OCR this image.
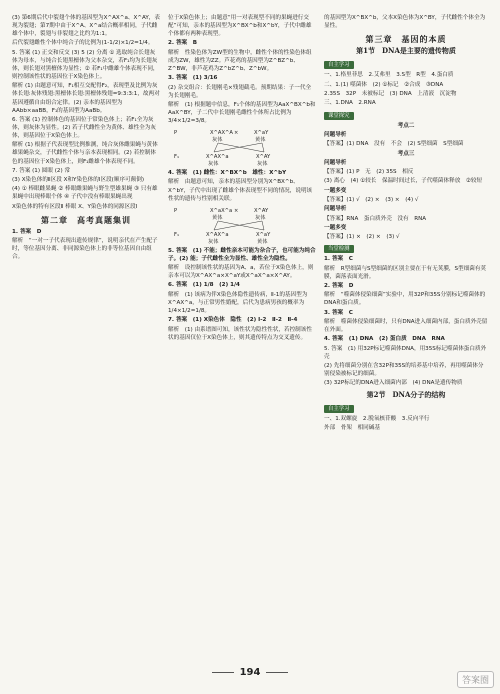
(3) 第6期后代中裂翅个体的基因型为X^AX^a、X^AY，表现为裂翅；第7期中由于X^A、X^a结合概率相同，子代雌雄个体中，裂翅与非裂翅之比约为1:1。

后代裂翅雌性个体中纯合子的比例为(1-1/2)×1/2=1/4。

5. 答案 (1) 正交和反交 (3) 5 (2) 分离 ① 选取纯合长翅灰体为母本，与纯合长翅黑檀体为父本杂交，若F₁均为长翅灰体，则长翅对黑檀体为显性；② 若F₁中雌雄个体表现不同，则控制该性状的基因位于X染色体上。

解析 (1) 由题意可知，F₁相互交配得F₂，表现型及比例为灰体长翅:灰体残翅:黑檀体长翅:黑檀体残翅=9:3:3:1，故两对基因遵循自由组合定律。(2) 亲本的基因型为AAbb×aaBB，F₁的基因型为AaBb。

6. 答案 (1) 控制体色的基因位于常染色体上；若F₁全为灰体，则灰体为显性。(2) 若子代雌性全为黄体、雄性全为灰体，则基因位于X染色体上。

解析 (1) 根据子代表现型比例推测，纯合灰体雌果蝇与黄体雄果蝇杂交，子代雌性个体与亲本表现相同。(2) 若控制体色的基因位于X染色体上，则F₁雌雄个体表现不同。

7. 答案 (1) 圆眼 (2) 常

(3) X染色体的Ⅱ区段 X和Y染色体的Ⅰ区段(顺序可颠倒)

(4) ① 棒眼雌果蝇 ② 棒眼雌果蝇与野生型雄果蝇 ③ 只有雄果蝇中出现棒眼个体 ④ 子代中没有棒眼果蝇出现

X染色体的特有区段Ⅱ 棒眼 X、Y染色体的同源区段Ⅰ

第二章　高考真题集训

1. 答案　D

解析　“一对一子代表现出遗传规律”，说明亲代在产生配子时，等位基因分离、非同源染色体上的非等位基因自由组合。

位于X染色体上；由题意“用一对表现型不同的果蝇进行交配”可知，亲本的基因型为X^BX^b和X^bY，子代中雌雄个体都有两种表现型。

2. 答案　B

解析　性染色体为ZW型的生物中，雌性个体的性染色体组成为ZW，雄性为ZZ。芦花鸡的基因型为Z^BZ^b、Z^BW，非芦花鸡为Z^bZ^b、Z^bW。

3. 答案　(1) 3/16

(2) 杂交组合：长翅刚毛×残翅截毛。预期结果：子一代全为长翅刚毛。

解析　(1) 根据题中信息，F₁个体的基因型为AaX^BX^b和AaX^BY，子二代中长翅刚毛雌性个体所占比例为3/4×1/2=3/8。

P	X^AX^A
灰体
×	X^aY
黄体
F₁	X^AX^a
灰体
X^AY
灰体

4. 答案　(1) 雌性：X^BX^b　雄性：X^bY

解析　由题意可知，亲本的基因型分别为X^BX^b、X^bY，子代中出现了雌雄个体表现型不同的情况，说明该性状的遗传与性别相关联。

P	X^aX^a
黄体
×	X^AY
灰体
F₁	X^AX^a
灰体
X^aY
黄体

5. 答案　(1) 不能；雌性亲本可能为杂合子，也可能为纯合子。(2) 能；子代雌性全为显性、雄性全为隐性。

解析　设控制该性状的基因为A、a，若位于X染色体上，则亲本可以为X^AX^a×X^aY或X^aX^a×X^AY。

6. 答案　(1) 1/8　(2) 1/4

解析　(1) 该病为伴X染色体隐性遗传病，Ⅱ-1的基因型为X^AX^a，与正常男性婚配，后代为患病男孩的概率为1/4×1/2=1/8。

7. 答案　(1) X染色体　隐性　(2) Ⅰ-2　Ⅱ-2　Ⅱ-4

解析　(1) 由系谱图可知，该性状为隐性性状，若控制该性状的基因仅位于X染色体上，则其遗传特点为交叉遗传。

的基因型为X^BX^b，父本X染色体为X^BY，子代雌性个体全为显性。

第三章　基因的本质
第1节　DNA是主要的遗传物质
自主学习

一、1.格里菲思　2.艾弗里　3.S型　R型　4.蛋白质

二、1.(1) 噬菌体　(2) ①标记　②合成　③DNA

2.35S　32P　未被标记　(3) DNA　上清液　沉淀物

三、1.DNA　2.RNA

课堂探究

考点二

问题导析

【答案】(1) DNA　没有　不会　(2) S型细菌　S型细菌

考点三

问题导析

【答案】(1) P　无　(2) 35S　相反

(3) 离心　(4) ①较长　保温时间过长，子代噬菌体释放　②较短

一题多变

【答案】(1) √　(2) ×　(3) ×　(4) √

问题导析

【答案】RNA　蛋白质外壳　没有　RNA

一题多变

【答案】(1) ×　(2) ×　(3) √

当堂检测

1. 答案　C

解析　R型细菌与S型细菌的区别主要在于有无荚膜，S型细菌有荚膜，菌落表面光滑。

2. 答案　D

解析　“噬菌体侵染细菌”实验中，用32P和35S分别标记噬菌体的DNA和蛋白质。

3. 答案　C

解析　噬菌体侵染细菌时，只有DNA进入细菌内部，蛋白质外壳留在外面。

4. 答案　(1) DNA　(2) 蛋白质　DNA　RNA

5. 答案　(1) 用32P标记噬菌体DNA，用35S标记噬菌体蛋白质外壳

(2) 先将细菌分别在含32P和35S的培养基中培养，再用噬菌体分别侵染被标记的细菌。

(3) 32P标记的DNA进入细菌内部　(4) DNA是遗传物质

第2节　DNA分子的结构
自主学习

一、1.双螺旋　2.脱氧核苷酸　3.反向平行

外部　骨架　相同碱基

194
答案圈
